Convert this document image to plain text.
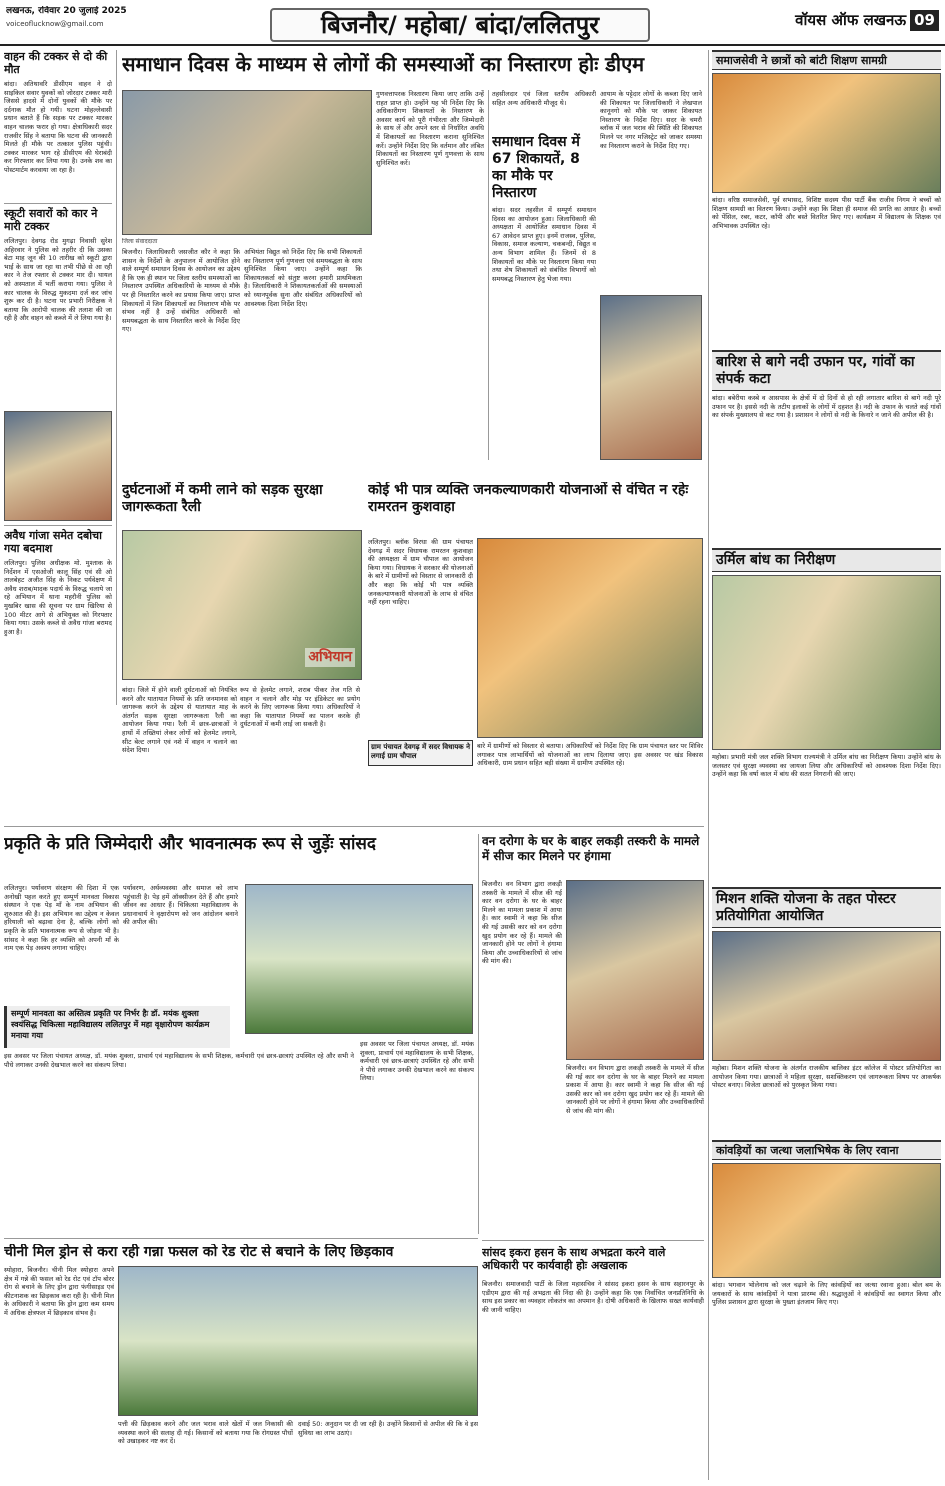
लखनऊ, रविवार 20 जुलाई 2025
voiceoflucknow@gmail.com	बिजनौर/ महोबा/ बांदा/ललितपुर	वॉयस ऑफ लखनऊ 09
वाहन की टक्कर से दो की मौत
बांदा। अतिथावरि डीसीएम वाहन ने दो साइकिल सवार युवकों को जोरदार टक्कर मारी जिससे हादसे में दोनों युवकों की मौके पर दर्दनाक मौत हो गयी। घटना मोहल्लेवासी प्रधान बताते हैं कि सड़क पर टक्कर मारकर वाहन चालक फरार हो गया। क्षेत्राधिकारी सदर राजवीर सिंह ने बताया कि घटना की जानकारी मिलते ही मौके पर तत्काल पुलिस पहुंची। टक्कर मारकर भाग रहे डीसीएम की घेराबंदी कर गिरफ्तार कर लिया गया है। उनके शव का पोस्टमार्टम करवाया जा रहा है।
स्कूटी सवारों को कार ने मारी टक्कर
ललितपुर। देवगढ़ रोड मुगढ़ा निवासी सुरेश अहिरवार ने पुलिस को तहरीर दी कि उसका बेटा माह जून की 10 तारीख को स्कूटी द्वारा भाई के साथ जा रहा था तभी पीछे से आ रही कार ने तेज रफ्तार से टक्कर मार दी। घायल को अस्पताल में भर्ती कराया गया। पुलिस ने कार चालक के विरुद्ध मुकदमा दर्ज कर जांच शुरू कर दी है। घटना पर प्रभारी निरीक्षक ने बताया कि आरोपी चालक की तलाश की जा रही है और वाहन को कब्जे में ले लिया गया है।
अवैध गांजा समेत दबोचा गया बदमाश
ललितपुर। पुलिस अधीक्षक मो. मुश्ताक के निर्देशन में एसओजी कालू सिंह एवं सी ओ तालबेहट अजीत सिंह के निकट पर्यवेक्षण में अवैध शराब/मादक पदार्थ के विरुद्ध चलाये जा रहे अभियान में थाना महरौनी पुलिस को मुखबिर खास की सूचना पर ग्राम खिरिया से 100 मीटर आगे से अभियुक्त को गिरफ्तार किया गया। उसके कब्जे से अवैध गांजा बरामद हुआ है।
समाधान दिवस के माध्यम से लोगों की समस्याओं का निस्तारण होः डीएम
जिला संवाददाता
बिजनौर। जिलाधिकारी जसजीत कौर ने कहा कि शासन के निर्देशों के अनुपालन में आयोजित होने वाले सम्पूर्ण समाधान दिवस के आयोजन का उद्देश्य है कि एक ही स्थान पर जिला स्तरीय समस्याओं का निस्तारण उपस्थित अधिकारियों के माध्यम से मौके पर ही निस्तारित करने का प्रयास किया जाए। प्राप्त शिकायतों में जिन शिकायतों का निस्तारण मौके पर संभव नहीं है उन्हें संबंधित अधिकारी को समयबद्धता के साथ निस्तारित करने के निर्देश दिए गए।
अभियंता विद्युत को निर्देश दिए कि सभी शिकायतों का निस्तारण पूर्ण गुणवत्ता एवं समयबद्धता के साथ सुनिश्चित किया जाए। उन्होंने कहा कि शिकायतकर्ता को संतुष्ट करना हमारी प्राथमिकता है। जिलाधिकारी ने शिकायतकर्ताओं की समस्याओं को ध्यानपूर्वक सुना और संबंधित अधिकारियों को आवश्यक दिशा निर्देश दिए।
गुणवत्तापरक निस्तारण किया जाए ताकि उन्हें राहत प्राप्त हो। उन्होंने यह भी निर्देश दिए कि अधिकारीगण शिकायतों के निस्तारण के अवसर कार्य को पूरी गंभीरता और जिम्मेदारी के साथ लें और अपने स्तर से निर्धारित अवधि में शिकायतों का निस्तारण कराना सुनिश्चित करें। उन्होंने निर्देश दिए कि वर्तमान और लंबित शिकायतों का निस्तारण पूर्ण गुणवत्ता के साथ सुनिश्चित करें।
तहसीलदार एवं जिला स्तरीय अधिकारी सहित अन्य अधिकारी मौजूद थे।
समाधान दिवस में 67 शिकायतें, 8 का मौके पर निस्तारण
बांदा। सदर तहसील में सम्पूर्ण समाधान दिवस का आयोजन हुआ। जिलाधिकारी की अध्यक्षता में आयोजित समाधान दिवस में 67 आवेदन प्राप्त हुए। इनमें राजस्व, पुलिस, विकास, समाज कल्याण, चकबन्दी, विद्युत व अन्य विभाग शामिल हैं। जिनमें से 8 शिकायतों का मौके पर निस्तारण किया गया तथा शेष शिकायतों को संबंधित विभागों को समयबद्ध निस्तारण हेतु भेजा गया।
आयाम के पट्टेदार लोगों के कब्जा दिए जाने की शिकायत पर जिलाधिकारी ने लेखपाल कानूनगो को मौके पर जाकर शिकायत निस्तारण के निर्देश दिए। सदर के चमरौ ब्लॉक में जल भराव की स्थिति की शिकायत मिलने पर नगर मजिस्ट्रेट को जाकर समस्या का निस्तारण कराने के निर्देश दिए गए।
दुर्घटनाओं में कमी लाने को सड़क सुरक्षा जागरूकता रैली
अभियान
बांदा। जिले में होने वाली दुर्घटनाओं को नियंत्रित करने और यातायात नियमों के प्रति जनमानस को जागरूक करने के उद्देश्य से यातायात माह के अंतर्गत सड़क सुरक्षा जागरूकता रैली का आयोजन किया गया। रैली में छात्र-छात्राओं ने हाथों में तख्तियां लेकर लोगों को हेलमेट लगाने, सीट बेल्ट लगाने एवं नशे में वाहन न चलाने का संदेश दिया।
रूप से हेलमेट लगाने, शराब पीकर तेज गति से वाहन न चलाने और मोड़ पर इंडिकेटर का प्रयोग करने के लिए जागरूक किया गया। अधिकारियों ने कहा कि यातायात नियमों का पालन करके ही दुर्घटनाओं में कमी लाई जा सकती है।
कोई भी पात्र व्यक्ति जनकल्याणकारी योजनाओं से वंचित न रहेः रामरतन कुशवाहा
ललितपुर। ब्लॉक विरधा की ग्राम पंचायत देवगढ़ में सदर विधायक रामरतन कुशवाहा की अध्यक्षता में ग्राम चौपाल का आयोजन किया गया। विधायक ने सरकार की योजनाओं के बारे में ग्रामीणों को विस्तार से जानकारी दी और कहा कि कोई भी पात्र व्यक्ति जनकल्याणकारी योजनाओं के लाभ से वंचित नहीं रहना चाहिए।
ग्राम पंचायत देवगढ़ में सदर विधायक ने लगाई ग्राम चौपाल
बारे में ग्रामीणों को विस्तार से बताया। अधिकारियों को निर्देश दिए कि ग्राम पंचायत स्तर पर शिविर लगाकर पात्र लाभार्थियों को योजनाओं का लाभ दिलाया जाए। इस अवसर पर खंड विकास अधिकारी, ग्राम प्रधान सहित बड़ी संख्या में ग्रामीण उपस्थित रहे।
प्रकृति के प्रति जिम्मेदारी और भावनात्मक रूप से जुड़ेंः सांसद
ललितपुर। पर्यावरण संरक्षण की दिशा में एक अनोखी पहल करते हुए सम्पूर्ण मानवता विकास संस्थान ने एक पेड़ माँ के नाम अभियान की शुरुआत की है। इस अभियान का उद्देश्य न केवल हरियाली को बढ़ावा देना है, बल्कि लोगों को प्रकृति के प्रति भावनात्मक रूप से जोड़ना भी है। सांसद ने कहा कि हर व्यक्ति को अपनी माँ के नाम एक पेड़ अवश्य लगाना चाहिए।
सम्पूर्ण मानवता का अस्तित्व प्रकृति पर निर्भर हैः डॉ. मयंक शुक्ला
स्वयंसिद्ध चिकित्सा महाविद्यालय ललितपुर में महा वृक्षारोपण कार्यक्रम मनाया गया
पर्यावरण, अर्थव्यवस्था और समाज को लाभ पहुंचाती है। पेड़ हमें ऑक्सीजन देते हैं और हमारे जीवन का आधार हैं। चिकित्सा महाविद्यालय के प्रधानाचार्य ने वृक्षारोपण को जन आंदोलन बनाने की अपील की।
इस अवसर पर जिला पंचायत अध्यक्ष, डॉ. मयंक शुक्ला, प्राचार्य एवं महाविद्यालय के सभी शिक्षक, कर्मचारी एवं छात्र-छात्राएं उपस्थित रहे और सभी ने पौधे लगाकर उनकी देखभाल करने का संकल्प लिया।
इस अवसर पर जिला पंचायत अध्यक्ष, डॉ. मयंक शुक्ला, प्राचार्य एवं महाविद्यालय के सभी शिक्षक, कर्मचारी एवं छात्र-छात्राएं उपस्थित रहे और सभी ने पौधे लगाकर उनकी देखभाल करने का संकल्प लिया।
वन दरोगा के घर के बाहर लकड़ी तस्करी के मामले में सीज कार मिलने पर हंगामा
बिजनौर। वन विभाग द्वारा लकड़ी तस्करी के मामले में सीज की गई कार वन दरोगा के घर के बाहर मिलने का मामला प्रकाश में आया है। कार स्वामी ने कहा कि सीज की गई उसकी कार को वन दरोगा खुद प्रयोग कर रहे हैं। मामले की जानकारी होने पर लोगों ने हंगामा किया और उच्चाधिकारियों से जांच की मांग की।
बिजनौर। वन विभाग द्वारा लकड़ी तस्करी के मामले में सीज की गई कार वन दरोगा के घर के बाहर मिलने का मामला प्रकाश में आया है। कार स्वामी ने कहा कि सीज की गई उसकी कार को वन दरोगा खुद प्रयोग कर रहे हैं। मामले की जानकारी होने पर लोगों ने हंगामा किया और उच्चाधिकारियों से जांच की मांग की।
सांसद इकरा हसन के साथ अभद्रता करने वाले अधिकारी पर कार्यवाही होः अखलाक
बिजनौर। समाजवादी पार्टी के जिला महासचिव ने सांसद इकरा हसन के साथ सहारनपुर के एडीएम द्वारा की गई अभद्रता की निंदा की है। उन्होंने कहा कि एक निर्वाचित जनप्रतिनिधि के साथ इस प्रकार का व्यवहार लोकतंत्र का अपमान है। दोषी अधिकारी के खिलाफ सख्त कार्यवाही की जानी चाहिए।
चीनी मिल ड्रोन से करा रही गन्ना फसल को रेड रोट से बचाने के लिए छिड़काव
स्योहारा, बिजनौर। चीनी मिल स्योहारा अपने क्षेत्र में गन्ने की फसल को रेड रोट एवं टॉप बोरर रोग से बचाने के लिए ड्रोन द्वारा फंगीसाइड एवं कीटनाशक का छिड़काव करा रही है। चीनी मिल के अधिकारी ने बताया कि ड्रोन द्वारा कम समय में अधिक क्षेत्रफल में छिड़काव संभव है।
पत्ती की छिड़काव करने और जल भराव वाले खेतों में जल निकासी की व्यवस्था करने की सलाह दी गई। किसानों को बताया गया कि रोगग्रस्त पौधों को उखाड़कर नष्ट कर दें।
दवाई 50: अनुदान पर दी जा रही है। उन्होंने किसानों से अपील की कि वे इस सुविधा का लाभ उठाएं।
समाजसेवी ने छात्रों को बांटी शिक्षण सामग्री
बांदा। वरिष्ठ समाजसेवी, पूर्व सभासद, विशिष्ट सदस्य पीस पार्टी बैंक राजीव निगम ने बच्चों को शिक्षण सामग्री का वितरण किया। उन्होंने कहा कि शिक्षा ही समाज की प्रगति का आधार है। बच्चों को पेंसिल, रबर, कटर, कॉपी और बस्ते वितरित किए गए। कार्यक्रम में विद्यालय के शिक्षक एवं अभिभावक उपस्थित रहे।
बारिश से बागे नदी उफान पर, गांवों का संपर्क कटा
बांदा। बबेरीया कस्बे व आसपास के क्षेत्रों में दो दिनों से हो रही लगातार बारिश से बागे नदी पूरे उफान पर है। इससे नदी के तटीय इलाकों के लोगों में दहशत है। नदी के उफान के चलते कई गांवों का संपर्क मुख्यालय से कट गया है। प्रशासन ने लोगों से नदी के किनारे न जाने की अपील की है।
उर्मिल बांध का निरीक्षण
महोबा। प्रभारी मंत्री जल शक्ति विभाग राज्यमंत्री ने उर्मिल बांध का निरीक्षण किया। उन्होंने बांध के जलस्तर एवं सुरक्षा व्यवस्था का जायजा लिया और अधिकारियों को आवश्यक दिशा निर्देश दिए। उन्होंने कहा कि वर्षा काल में बांध की सतत निगरानी की जाए।
मिशन शक्ति योजना के तहत पोस्टर प्रतियोगिता आयोजित
महोबा। मिशन शक्ति योजना के अंतर्गत राजकीय बालिका इंटर कॉलेज में पोस्टर प्रतियोगिता का आयोजन किया गया। छात्राओं ने महिला सुरक्षा, सशक्तिकरण एवं जागरूकता विषय पर आकर्षक पोस्टर बनाए। विजेता छात्राओं को पुरस्कृत किया गया।
कांवड़ियों का जत्था जलाभिषेक के लिए रवाना
बांदा। भगवान भोलेनाथ को जल चढ़ाने के लिए कांवड़ियों का जत्था रवाना हुआ। बोल बम के जयकारों के साथ कांवड़ियों ने यात्रा प्रारम्भ की। श्रद्धालुओं ने कांवड़ियों का स्वागत किया और पुलिस प्रशासन द्वारा सुरक्षा के पुख्ता इंतजाम किए गए।
